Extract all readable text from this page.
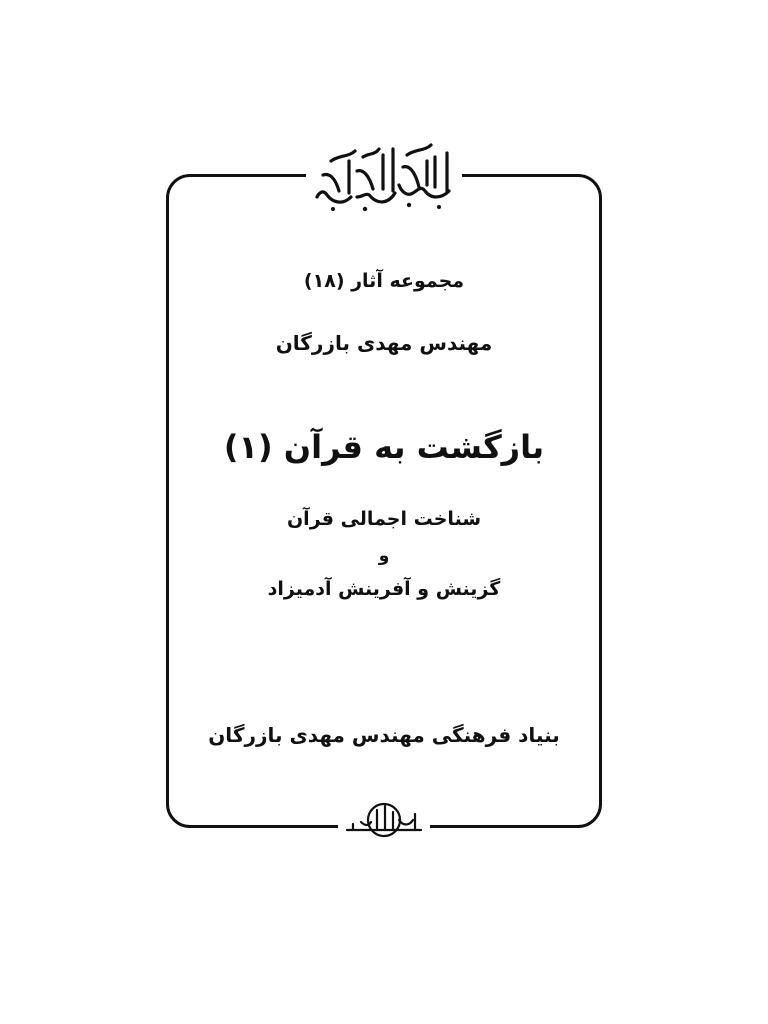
مجموعه آثار (۱۸)
مهندس مهدی بازرگان
بازگشت به قرآن (۱)
شناخت اجمالی قرآن
و
گزینش و آفرینش آدمیزاد
بنیاد فرهنگی مهندس مهدی بازرگان
